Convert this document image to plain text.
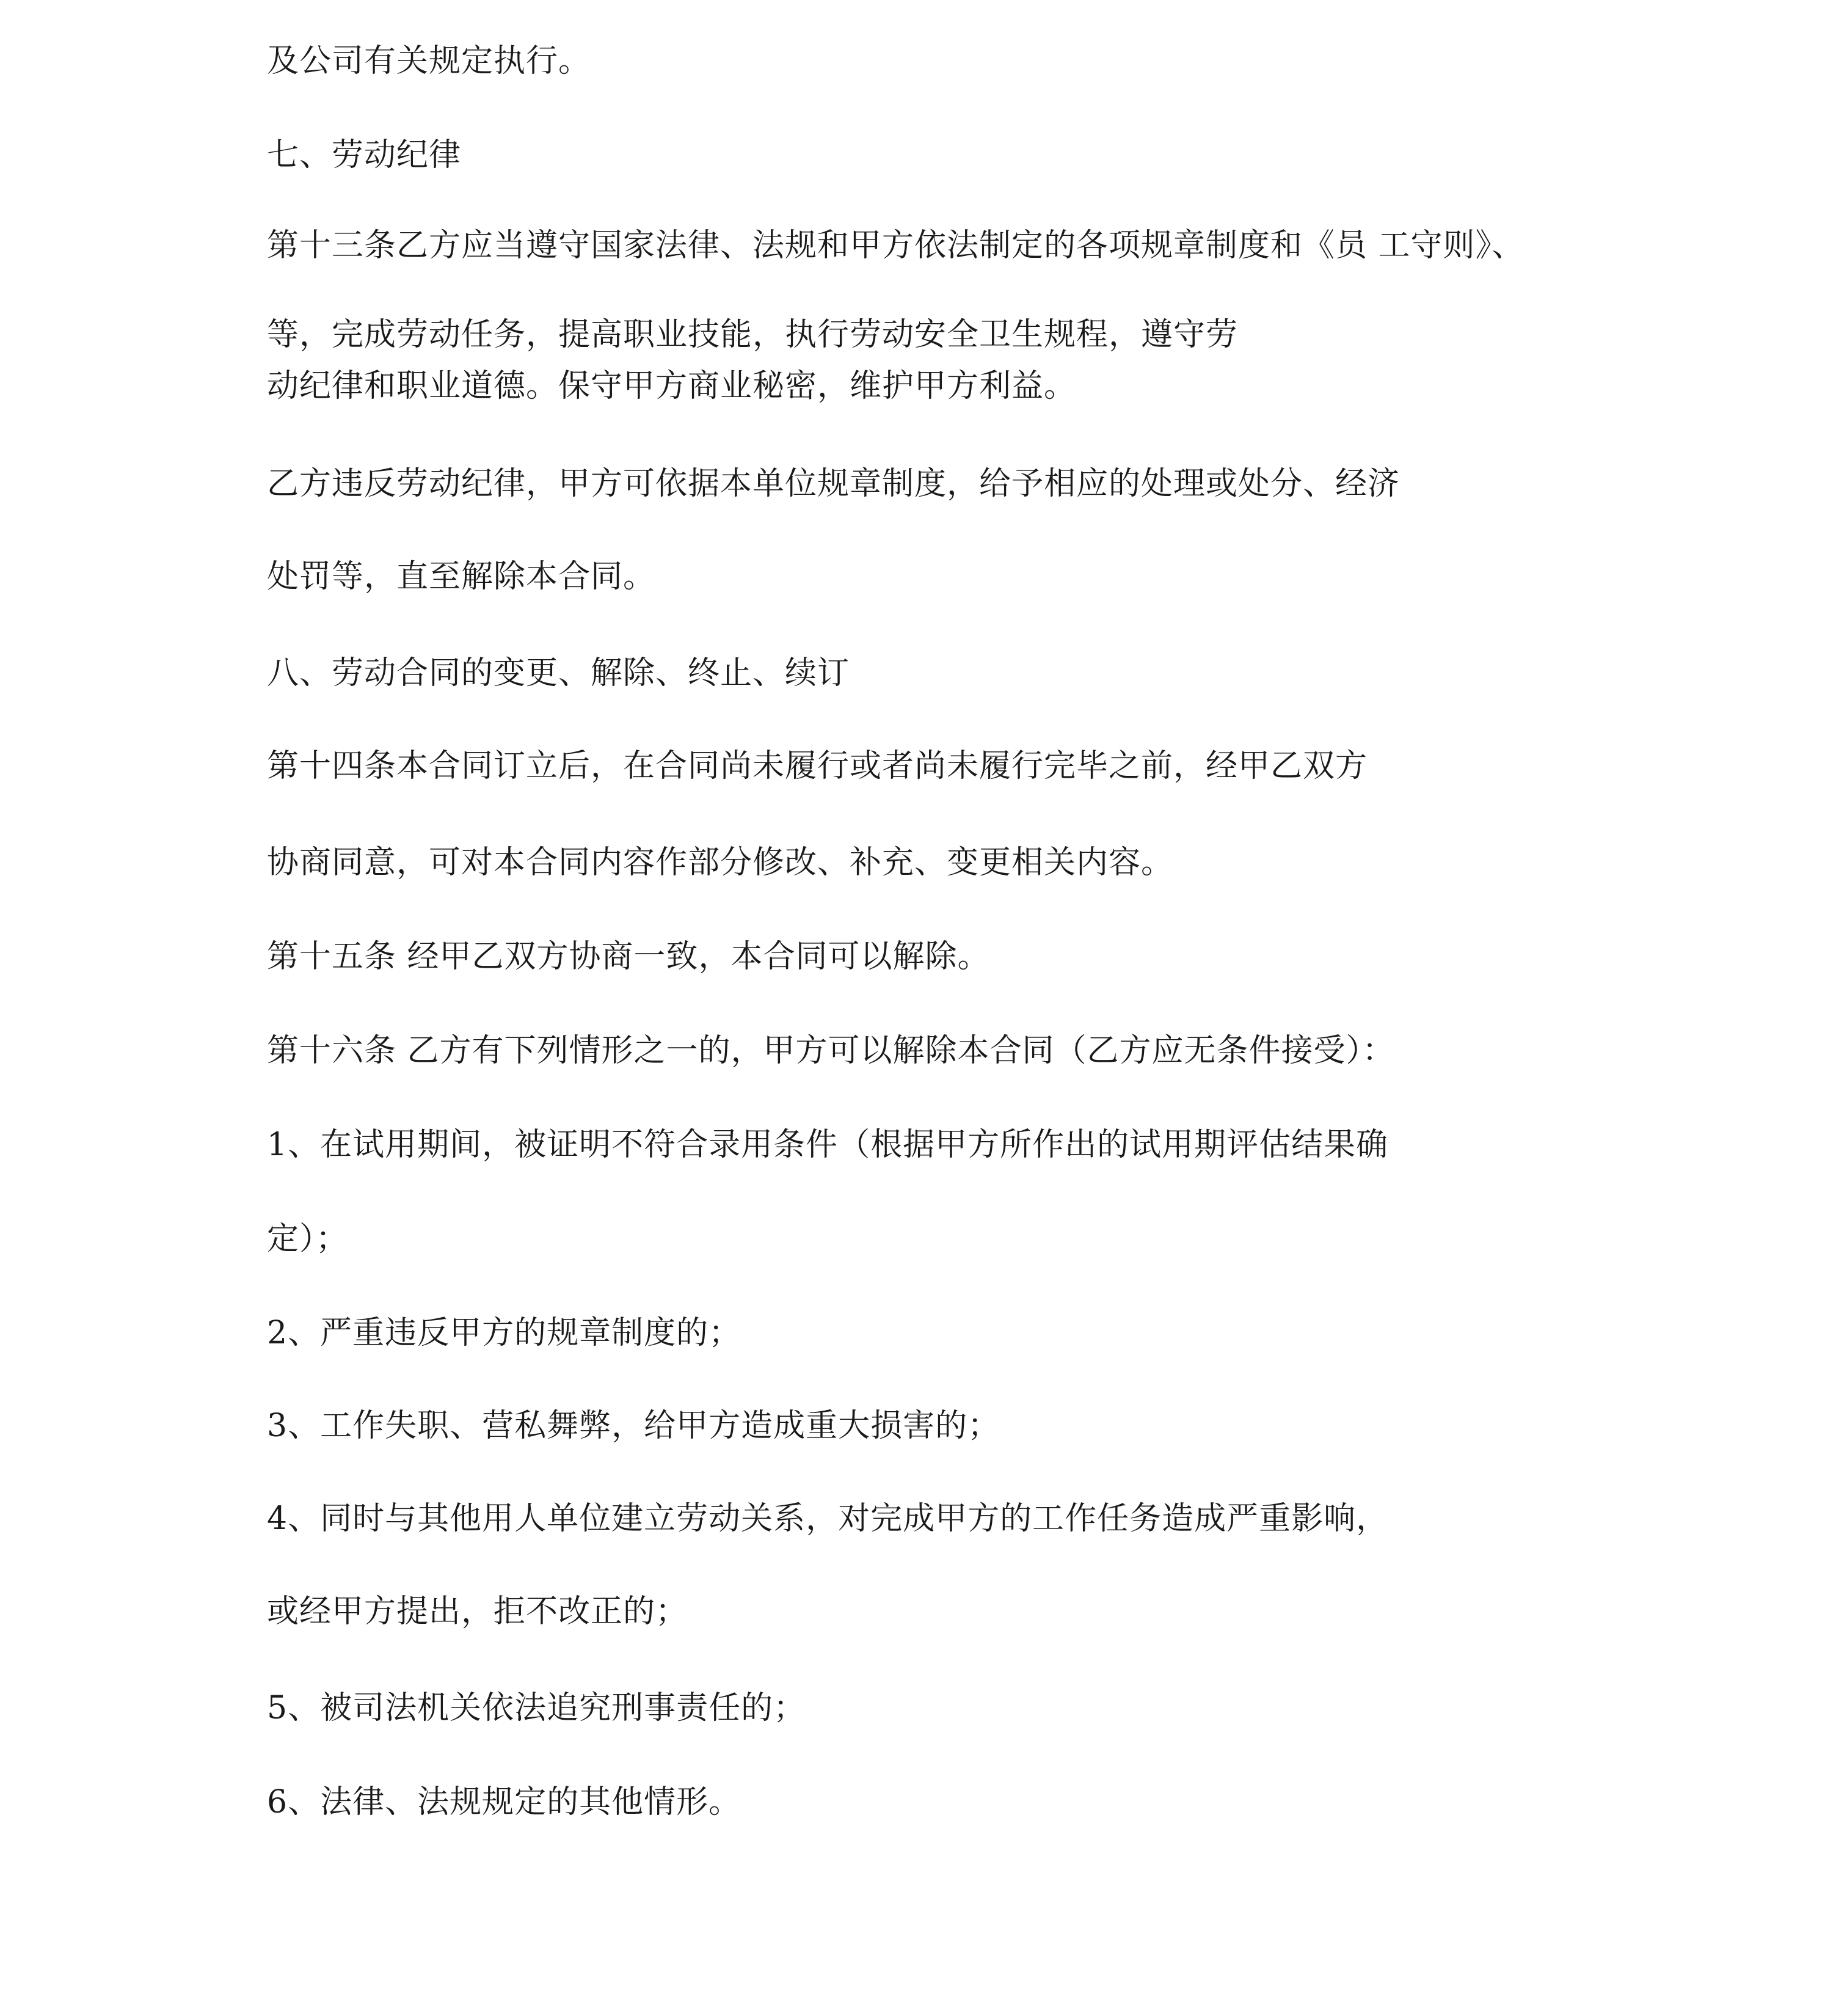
及公司有关规定执行。

七、劳动纪律

第十三条乙方应当遵守国家法律、法规和甲方依法制定的各项规章制度和《员 工守则》、

等，完成劳动任务，提高职业技能，执行劳动安全卫生规程，遵守劳

动纪律和职业道德。保守甲方商业秘密，维护甲方利益。

乙方违反劳动纪律，甲方可依据本单位规章制度，给予相应的处理或处分、经济

处罚等，直至解除本合同。

八、劳动合同的变更、解除、终止、续订

第十四条本合同订立后，在合同尚未履行或者尚未履行完毕之前，经甲乙双方

协商同意，可对本合同内容作部分修改、补充、变更相关内容。

第十五条 经甲乙双方协商一致，本合同可以解除。

第十六条 乙方有下列情形之一的，甲方可以解除本合同（乙方应无条件接受）：

1、在试用期间，被证明不符合录用条件（根据甲方所作出的试用期评估结果确

定）；

2、严重违反甲方的规章制度的；

3、工作失职、营私舞弊，给甲方造成重大损害的；

4、同时与其他用人单位建立劳动关系，对完成甲方的工作任务造成严重影响，

或经甲方提出，拒不改正的；

5、被司法机关依法追究刑事责任的；

6、法律、法规规定的其他情形。
